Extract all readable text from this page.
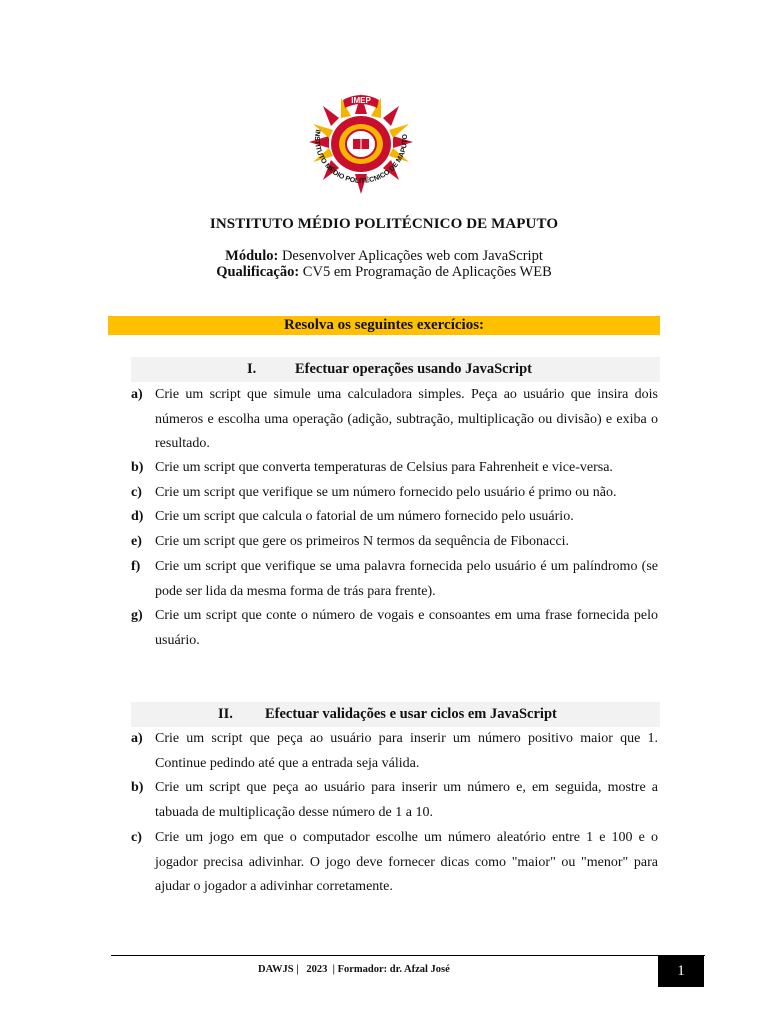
IMEP
INSTITUTO MÉDIO POLITÉCNICO DE MAPUTO
INSTITUTO MÉDIO POLITÉCNICO DE MAPUTO
Módulo: Desenvolver Aplicações web com JavaScript
Qualificação: CV5 em Programação de Aplicações WEB
Resolva os seguintes exercícios:
I.	Efectuar operações usando JavaScript
a) Crie um script que simule uma calculadora simples. Peça ao usuário que insira dois números e escolha uma operação (adição, subtração, multiplicação ou divisão) e exiba o resultado.
b) Crie um script que converta temperaturas de Celsius para Fahrenheit e vice-versa.
c) Crie um script que verifique se um número fornecido pelo usuário é primo ou não.
d) Crie um script que calcula o fatorial de um número fornecido pelo usuário.
e) Crie um script que gere os primeiros N termos da sequência de Fibonacci.
f) Crie um script que verifique se uma palavra fornecida pelo usuário é um palíndromo (se pode ser lida da mesma forma de trás para frente).
g) Crie um script que conte o número de vogais e consoantes em uma frase fornecida pelo usuário.
II.	Efectuar validações e usar ciclos em JavaScript
a) Crie um script que peça ao usuário para inserir um número positivo maior que 1. Continue pedindo até que a entrada seja válida.
b) Crie um script que peça ao usuário para inserir um número e, em seguida, mostre a tabuada de multiplicação desse número de 1 a 10.
c) Crie um jogo em que o computador escolhe um número aleatório entre 1 e 100 e o jogador precisa adivinhar. O jogo deve fornecer dicas como "maior" ou "menor" para ajudar o jogador a adivinhar corretamente.
DAWJS |   2023  | Formador: dr. Afzal José	1
